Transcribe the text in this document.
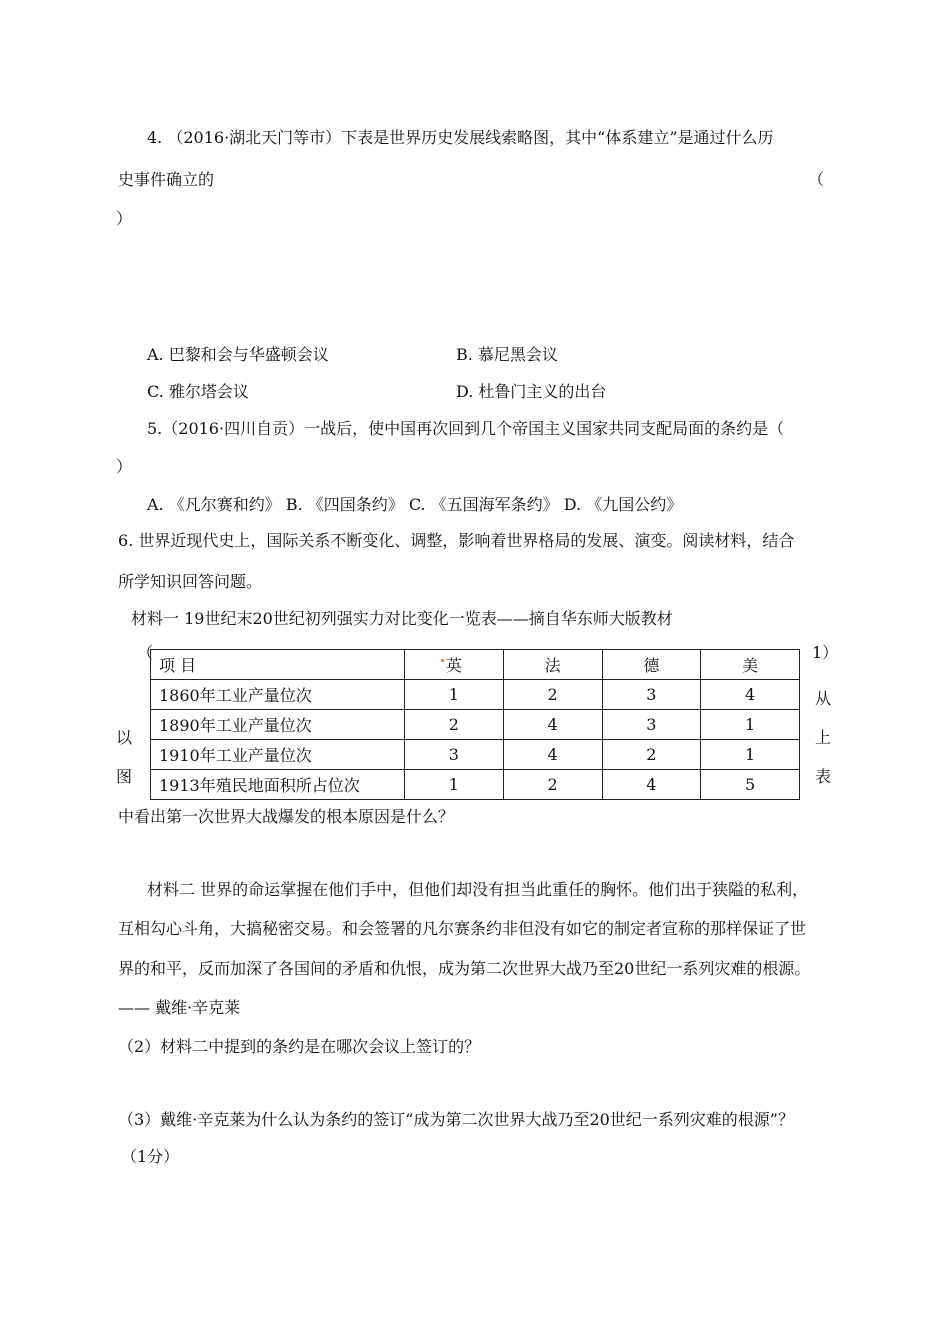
4. （2016·湖北天门等市）下表是世界历史发展线索略图，其中“体系建立”是通过什么历
史事件确立的	（
）
A. 巴黎和会与华盛顿会议	B. 慕尼黑会议
C. 雅尔塔会议	D. 杜鲁门主义的出台
5.（2016·四川自贡）一战后，使中国再次回到几个帝国主义国家共同支配局面的条约是（
）
A. 《凡尔赛和约》 B. 《四国条约》 C. 《五国海军条约》 D. 《九国公约》
6. 世界近现代史上，国际关系不断变化、调整，影响着世界格局的发展、演变。阅读材料，结合
所学知识回答问题。
材料一 19世纪末20世纪初列强实力对比变化一览表——摘自华东师大版教材
（
以
图
1）
从
上
表
项 目	英	法	德	美
1860年工业产量位次	1	2	3	4
1890年工业产量位次	2	4	3	1
1910年工业产量位次	3	4	2	1
1913年殖民地面积所占位次	1	2	4	5
中看出第一次世界大战爆发的根本原因是什么？
材料二 世界的命运掌握在他们手中，但他们却没有担当此重任的胸怀。他们出于狭隘的私利，
互相勾心斗角，大搞秘密交易。和会签署的凡尔赛条约非但没有如它的制定者宣称的那样保证了世
界的和平，反而加深了各国间的矛盾和仇恨，成为第二次世界大战乃至20世纪一系列灾难的根源。
—— 戴维·辛克莱
（2）材料二中提到的条约是在哪次会议上签订的？
（3）戴维·辛克莱为什么认为条约的签订“成为第二次世界大战乃至20世纪一系列灾难的根源”？
（1分）
